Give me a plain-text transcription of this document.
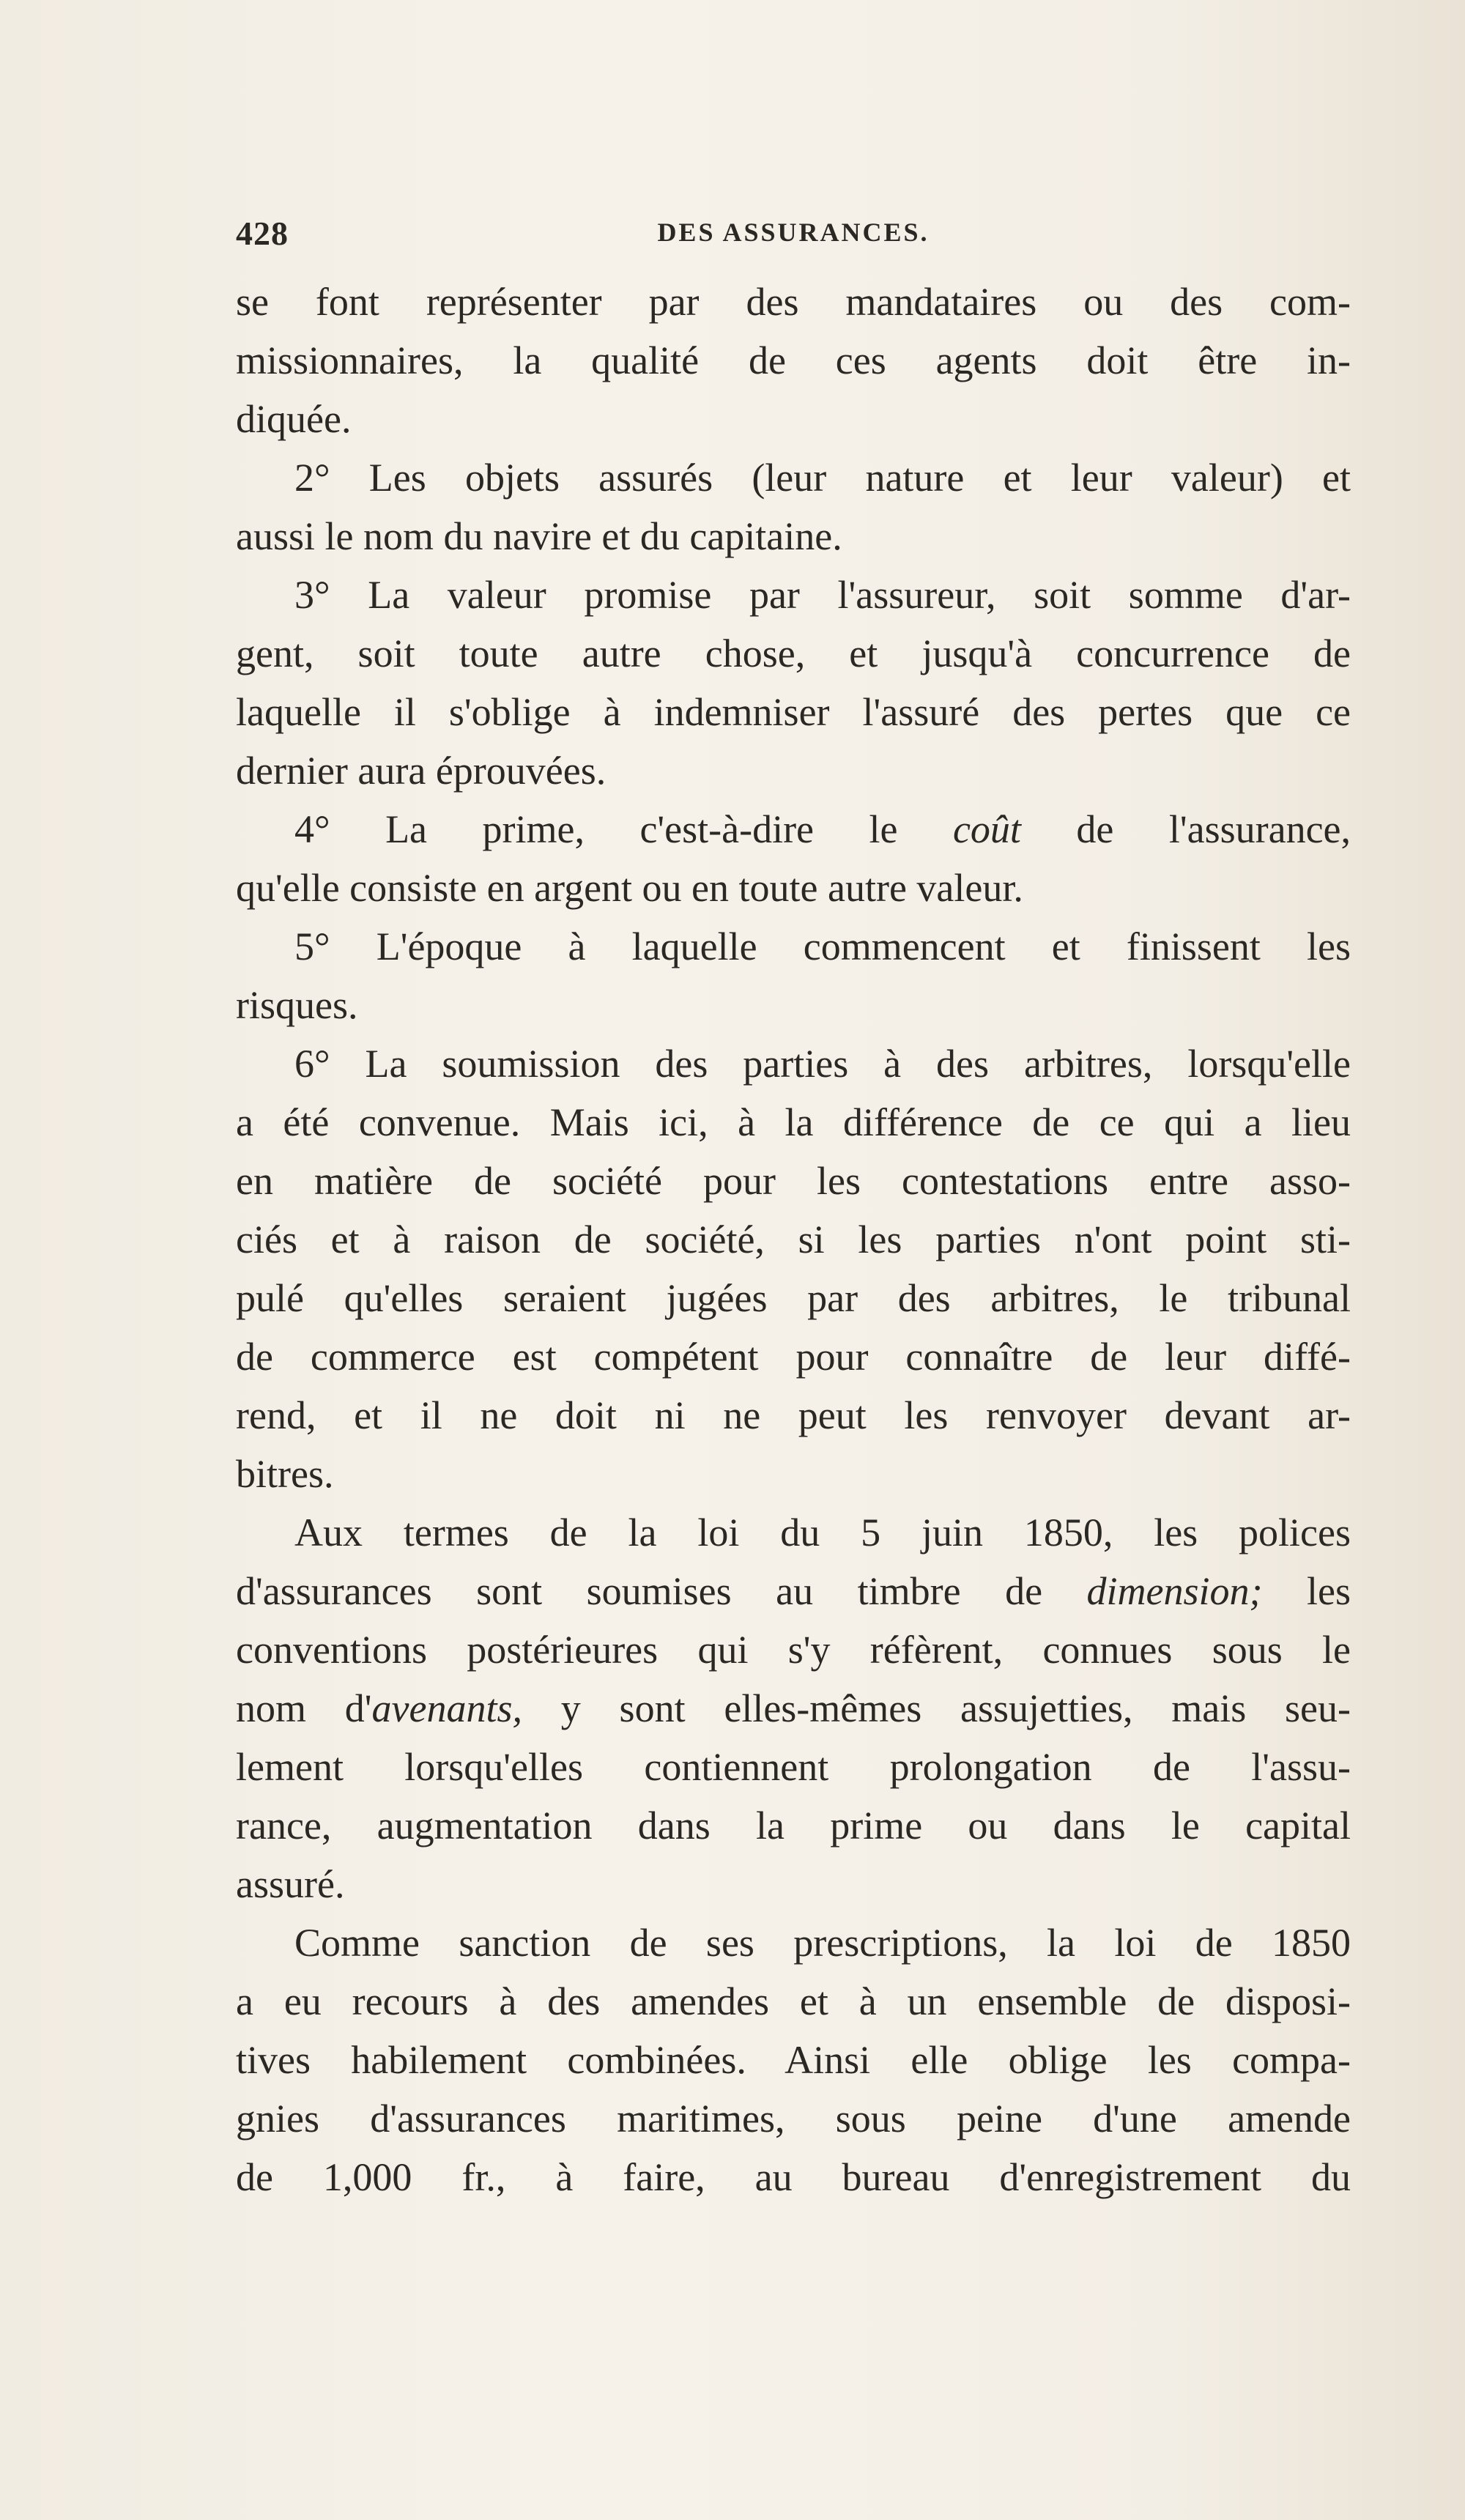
428	DES ASSURANCES.
se font représenter par des mandataires ou des com-
missionnaires, la qualité de ces agents doit être in-
diquée.
2° Les objets assurés (leur nature et leur valeur) et
aussi le nom du navire et du capitaine.
3° La valeur promise par l'assureur, soit somme d'ar-
gent, soit toute autre chose, et jusqu'à concurrence de
laquelle il s'oblige à indemniser l'assuré des pertes que ce
dernier aura éprouvées.
4° La prime, c'est-à-dire le coût de l'assurance,
qu'elle consiste en argent ou en toute autre valeur.
5° L'époque à laquelle commencent et finissent les
risques.
6° La soumission des parties à des arbitres, lorsqu'elle
a été convenue. Mais ici, à la différence de ce qui a lieu
en matière de société pour les contestations entre asso-
ciés et à raison de société, si les parties n'ont point sti-
pulé qu'elles seraient jugées par des arbitres, le tribunal
de commerce est compétent pour connaître de leur diffé-
rend, et il ne doit ni ne peut les renvoyer devant ar-
bitres.
Aux termes de la loi du 5 juin 1850, les polices
d'assurances sont soumises au timbre de dimension; les
conventions postérieures qui s'y réfèrent, connues sous le
nom d'avenants, y sont elles-mêmes assujetties, mais seu-
lement lorsqu'elles contiennent prolongation de l'assu-
rance, augmentation dans la prime ou dans le capital
assuré.
Comme sanction de ses prescriptions, la loi de 1850
a eu recours à des amendes et à un ensemble de disposi-
tives habilement combinées. Ainsi elle oblige les compa-
gnies d'assurances maritimes, sous peine d'une amende
de 1,000 fr., à faire, au bureau d'enregistrement du
